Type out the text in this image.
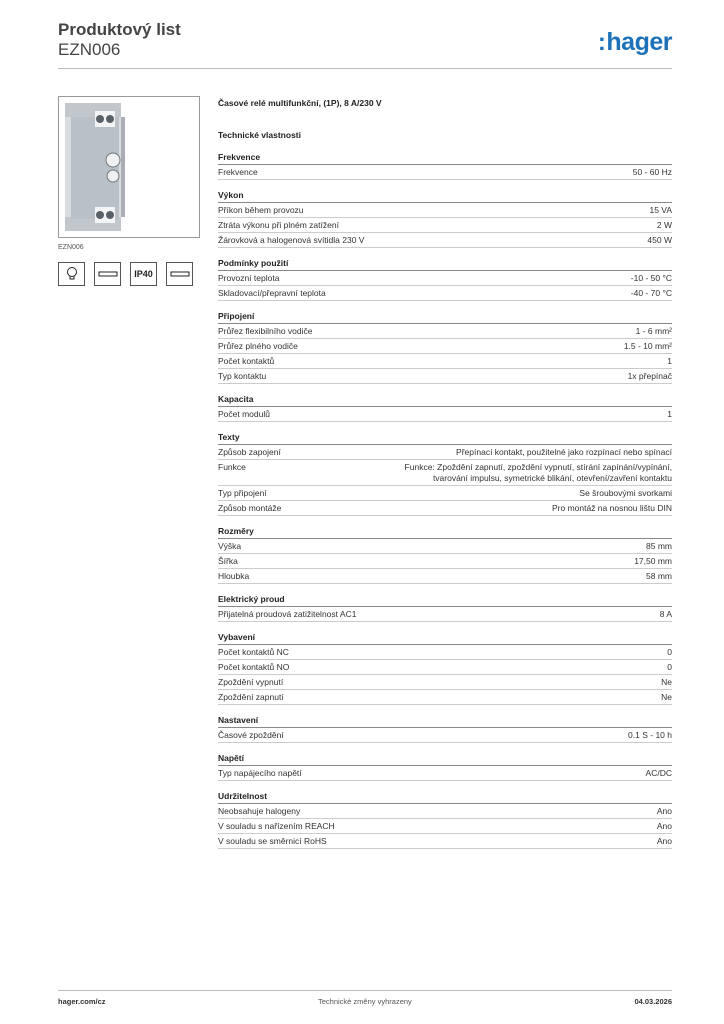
Produktový list
EZN006	:hager
EZN006
IP40
Časové relé multifunkční, (1P), 8 A/230 V
Technické vlastnosti
Frekvence
Frekvence	50 - 60 Hz
Výkon
Příkon během provozu	15 VA
Ztráta výkonu při plném zatížení	2 W
Žárovková a halogenová svítidla 230 V	450 W
Podmínky použití
Provozní teplota	-10 - 50 °C
Skladovací/přepravní teplota	-40 - 70 °C
Připojení
Průřez flexibilního vodiče	1 - 6 mm²
Průřez plného vodiče	1.5 - 10 mm²
Počet kontaktů	1
Typ kontaktu	1x přepínač
Kapacita
Počet modulů	1
Texty
Způsob zapojení	Přepínací kontakt, použitelné jako rozpínací nebo spínací
Funkce	Funkce: Zpoždění zapnutí, zpoždění vypnutí, stírání zapínání/vypínání, tvarování impulsu, symetrické blikání, otevření/zavření kontaktu
Typ připojení	Se šroubovými svorkami
Způsob montáže	Pro montáž na nosnou lištu DIN
Rozměry
Výška	85 mm
Šířka	17,50 mm
Hloubka	58 mm
Elektrický proud
Přijatelná proudová zatižitelnost AC1	8 A
Vybavení
Počet kontaktů NC	0
Počet kontaktů NO	0
Zpoždění vypnutí	Ne
Zpoždění zapnutí	Ne
Nastavení
Časové zpoždění	0.1 S - 10 h
Napětí
Typ napájecího napětí	AC/DC
Udržitelnost
Neobsahuje halogeny	Ano
V souladu s nařízením REACH	Ano
V souladu se směrnicí RoHS	Ano
hager.com/cz	Technické změny vyhrazeny	04.03.2026
